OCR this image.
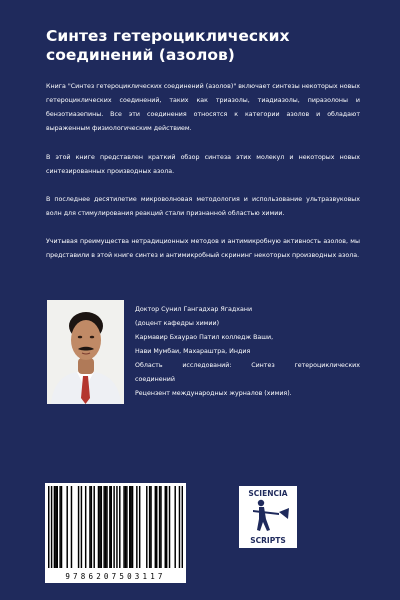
Синтез гетероциклических соединений (азолов)

Книга "Синтез гетероциклических соединений (азолов)" включает синтезы некоторых новых гетероциклических соединений, таких как триазолы, тиадиазолы, пиразолоны и бензотиазепины. Все эти соединения относятся к категории азолов и обладают выраженным физиологическим действием.

В этой книге представлен краткий обзор синтеза этих молекул и некоторых новых синтезированных производных азола.

В последнее десятилетие микроволновая методология и использование ультразвуковых волн для стимулирования реакций стали признанной областью химии.

Учитывая преимущества нетрадиционных методов и антимикробную активность азолов, мы представили в этой книге синтез и антимикробный скрининг некоторых производных азола.

Доктор Сунил Гангадхар Ягадхани
(доцент кафедры химии)
Кармавир Бхаурао Патил колледж Ваши,
Нави Мумбаи, Махараштра, Индия
Область исследований: Синтез гетероциклических
соединений
Рецензент международных журналов (химия).
9786207503117
SCIENCIA
SCRIPTS
